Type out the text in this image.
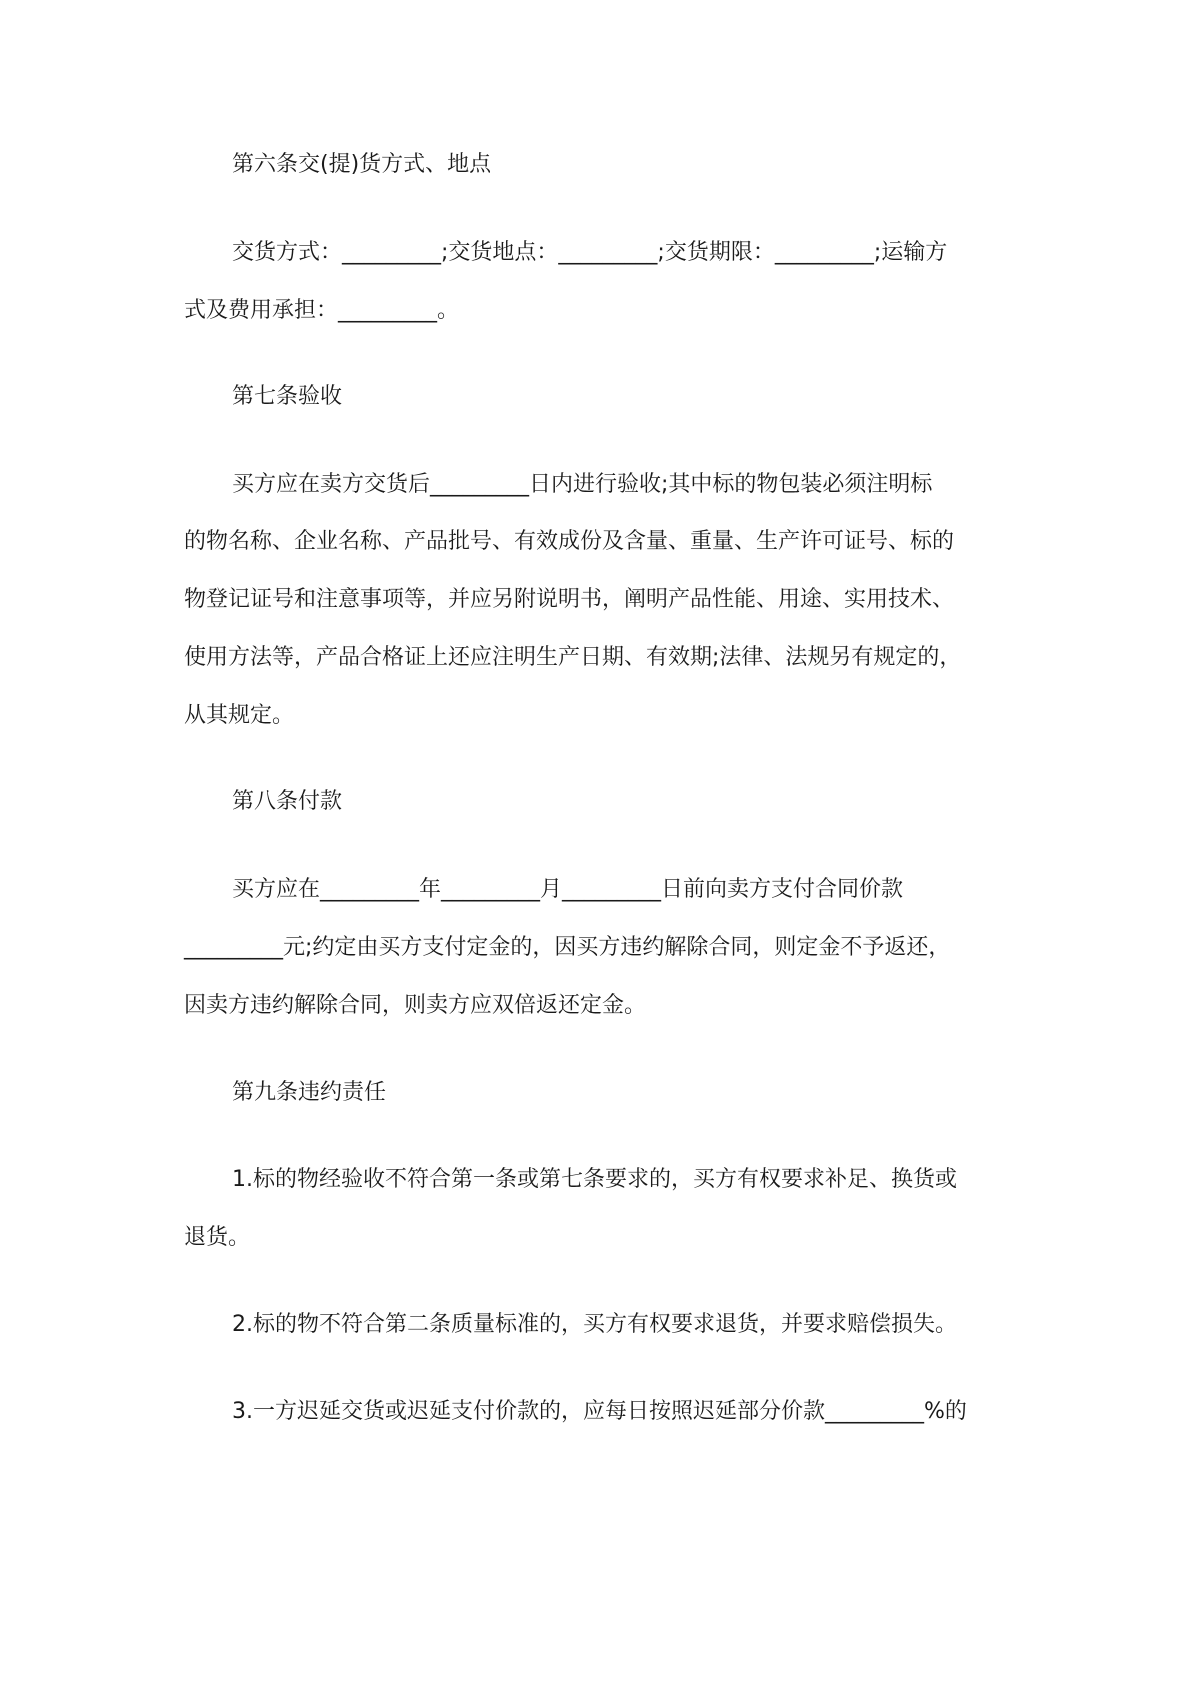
第六条交(提)货方式、地点
交货方式：_________;交货地点：_________;交货期限：_________;运输方
式及费用承担：_________。
第七条验收
买方应在卖方交货后_________日内进行验收;其中标的物包装必须注明标
的物名称、企业名称、产品批号、有效成份及含量、重量、生产许可证号、标的
物登记证号和注意事项等，并应另附说明书，阐明产品性能、用途、实用技术、
使用方法等，产品合格证上还应注明生产日期、有效期;法律、法规另有规定的，
从其规定。
第八条付款
买方应在_________年_________月_________日前向卖方支付合同价款
_________元;约定由买方支付定金的，因买方违约解除合同，则定金不予返还，
因卖方违约解除合同，则卖方应双倍返还定金。
第九条违约责任
1.标的物经验收不符合第一条或第七条要求的，买方有权要求补足、换货或
退货。
2.标的物不符合第二条质量标准的，买方有权要求退货，并要求赔偿损失。
3.一方迟延交货或迟延支付价款的，应每日按照迟延部分价款_________%的
